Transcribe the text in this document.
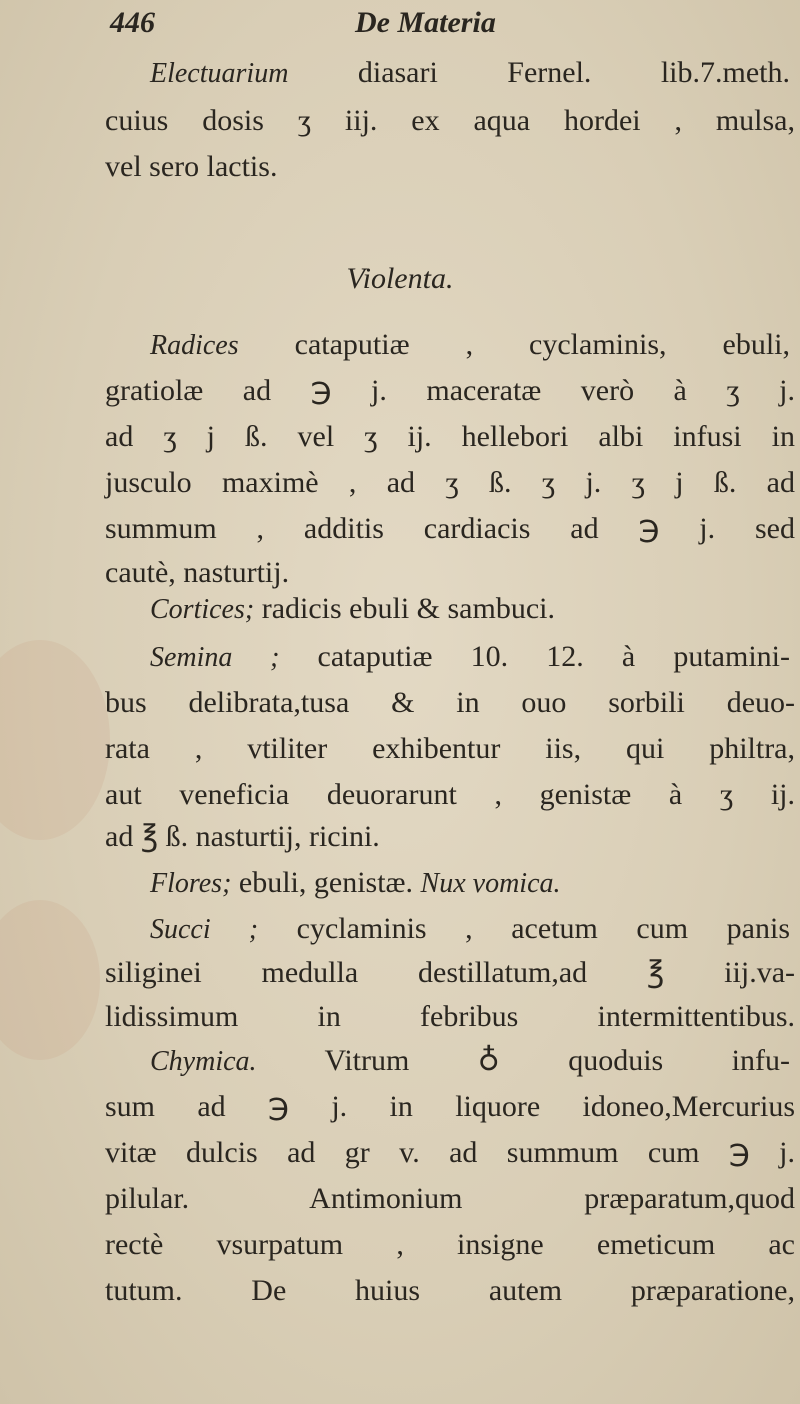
446	De Materia
Electuarium diasari Fernel. lib.7.meth.
cuius dosis ʒ iij. ex aqua hordei , mulsa,
vel sero lactis.
Violenta.
Radices cataputiæ , cyclaminis, ebuli,
gratiolæ ad ℈ j. maceratæ verò à ʒ j.
ad ʒ j ß. vel ʒ ij. hellebori albi infusi in
jusculo maximè , ad ʒ ß. ʒ j. ʒ j ß. ad
summum , additis cardiacis ad ℈ j. sed
cautè, nasturtij.
Cortices; radicis ebuli & sambuci.
Semina ; cataputiæ 10. 12. à putamini-
bus delibrata,tusa & in ouo sorbili deuo-
rata , vtiliter exhibentur iis, qui philtra,
aut veneficia deuorarunt , genistæ à ʒ ij.
ad ℥ ß. nasturtij, ricini.
Flores; ebuli, genistæ. Nux vomica.
Succi ; cyclaminis , acetum cum panis
siliginei medulla destillatum,ad ℥ iij.va-
lidissimum in febribus intermittentibus.
Chymica. Vitrum ♁ quoduis infu-
sum ad ℈ j. in liquore idoneo,Mercurius
vitæ dulcis ad gr v. ad summum cum ℈ j.
pilular. Antimonium præparatum,quod
rectè vsurpatum , insigne emeticum ac
tutum. De huius autem præparatione,
